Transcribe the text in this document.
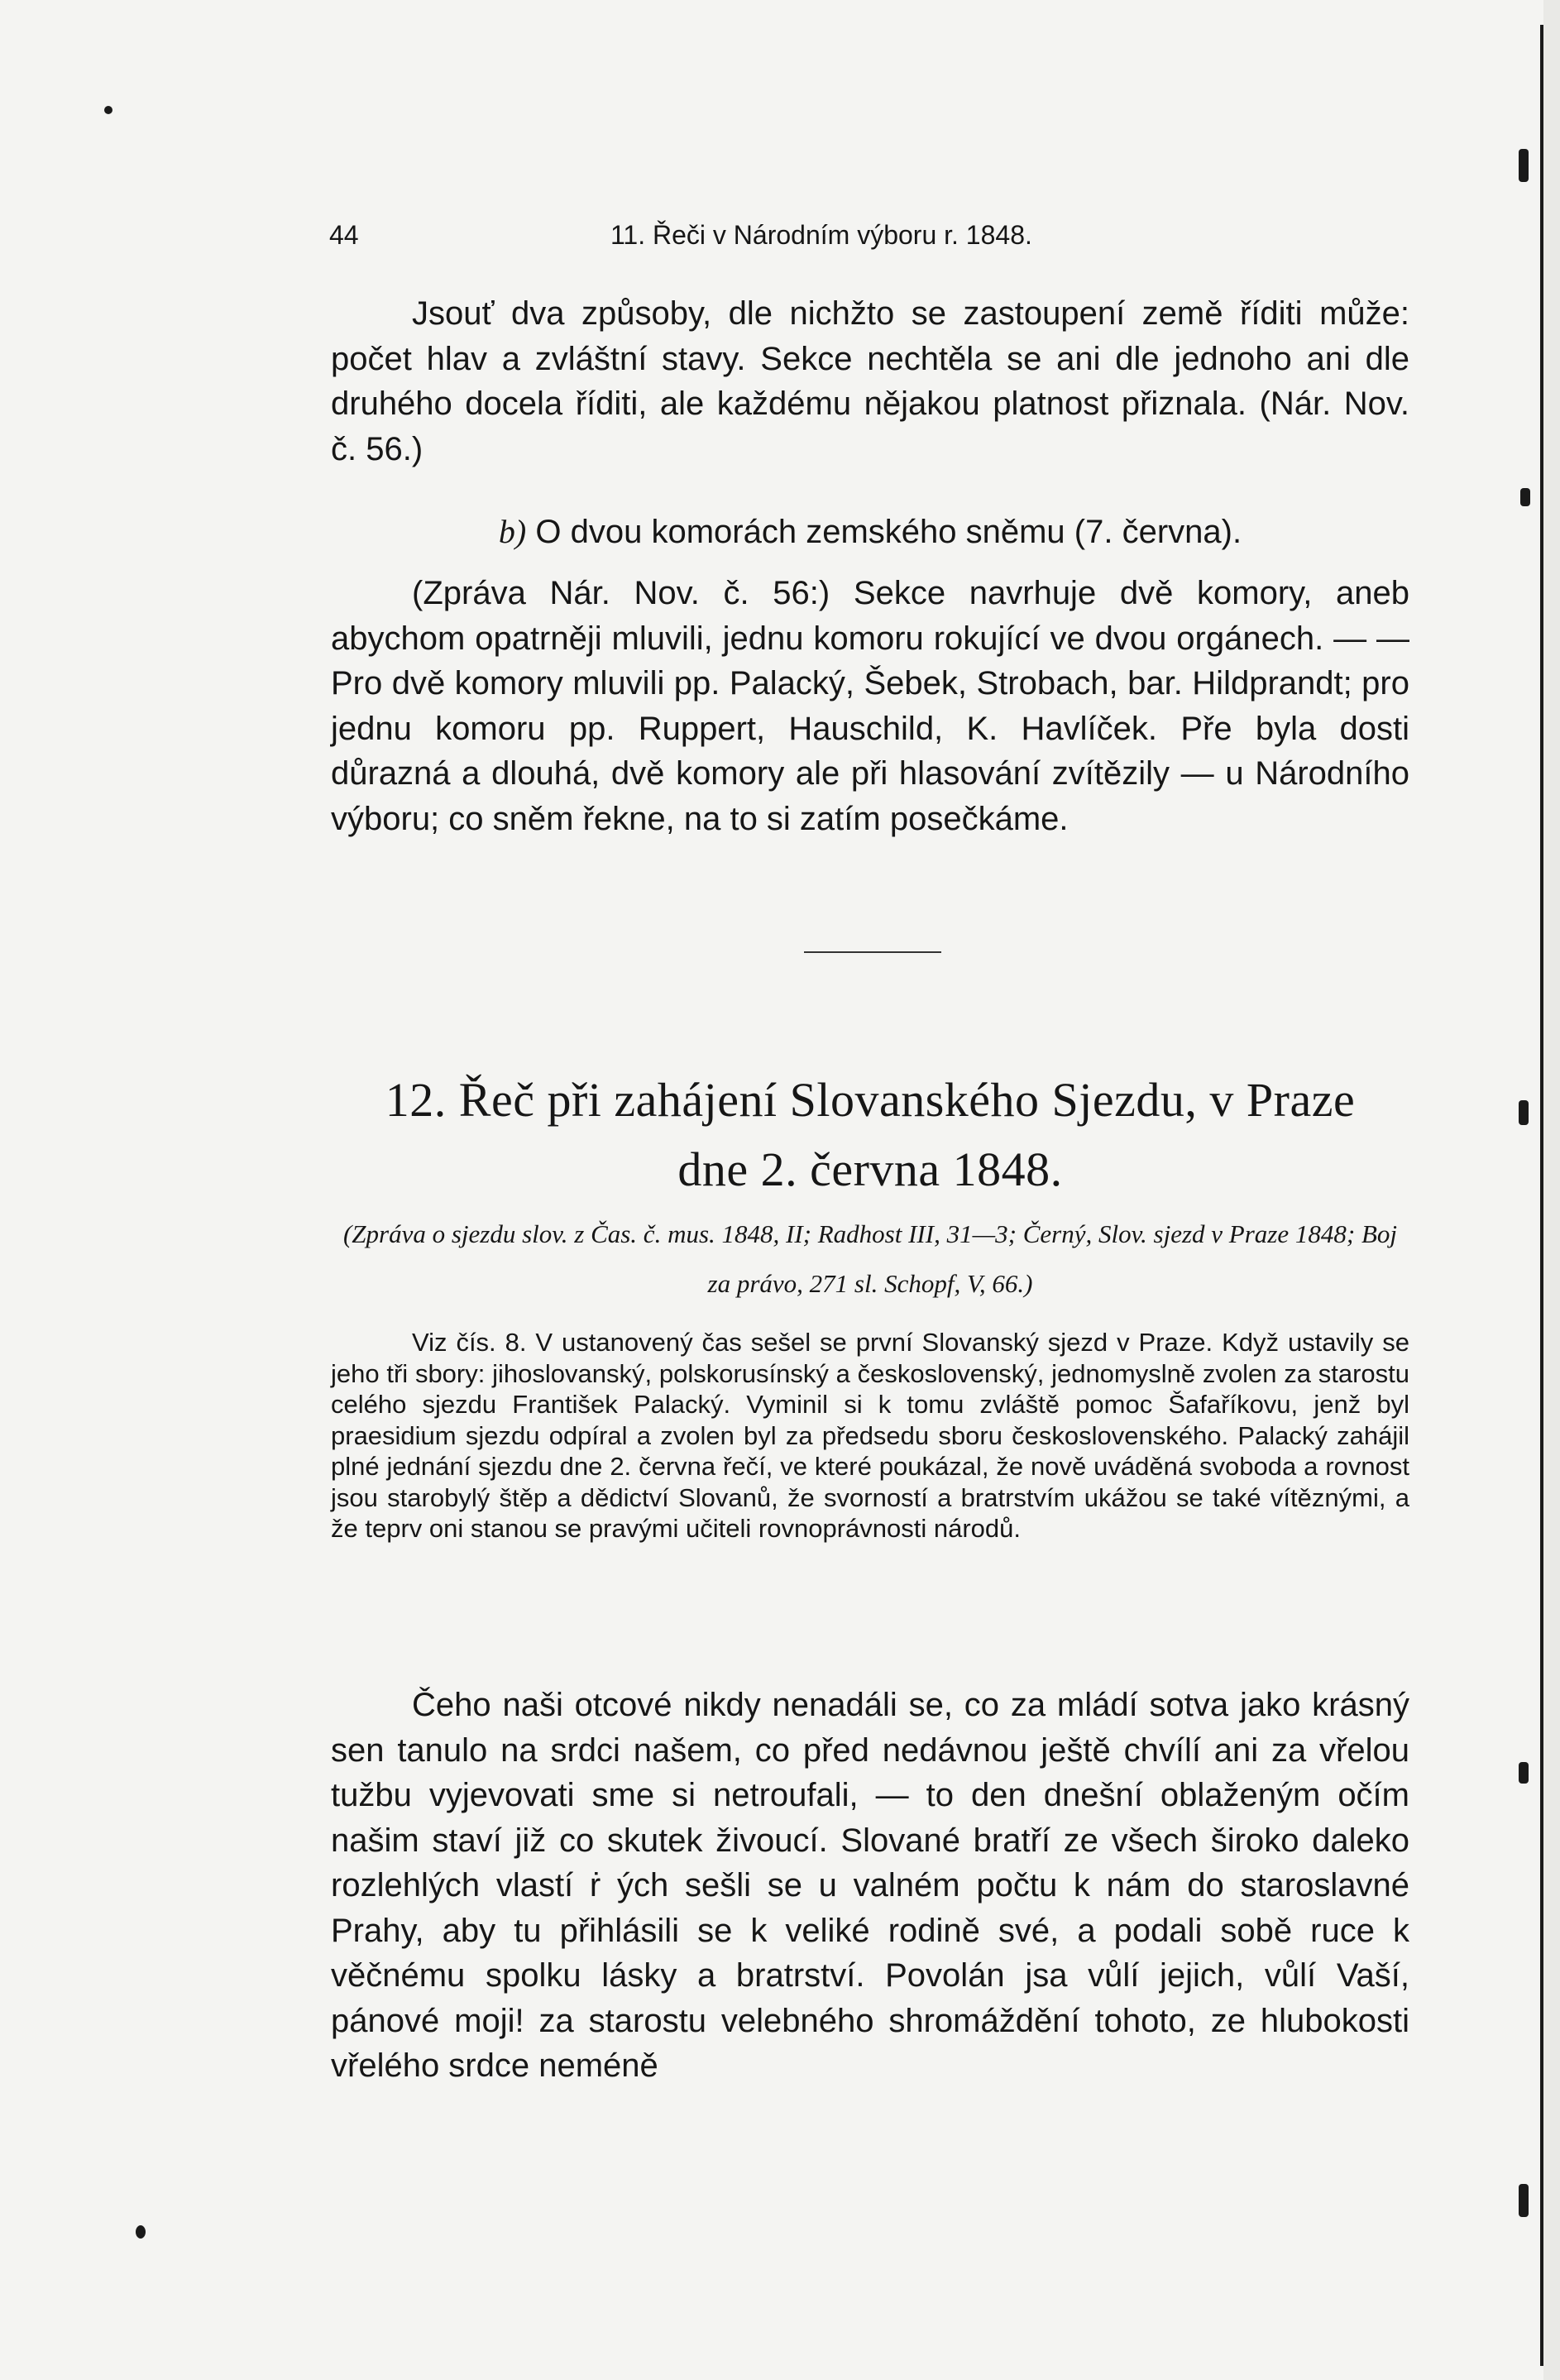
44	11. Řeči v Národním výboru r. 1848.

Jsouť dva způsoby, dle nichžto se zastoupení země říditi může: počet hlav a zvláštní stavy. Sekce nechtěla se ani dle jednoho ani dle druhého docela říditi, ale každému nějakou platnost přiznala. (Nár. Nov. č. 56.)

b) O dvou komorách zemského sněmu (7. června).

(Zpráva Nár. Nov. č. 56:) Sekce navrhuje dvě komory, aneb abychom opatrněji mluvili, jednu komoru rokující ve dvou orgánech. — — Pro dvě komory mluvili pp. Palacký, Šebek, Strobach, bar. Hildprandt; pro jednu komoru pp. Ruppert, Hauschild, K. Havlíček. Pře byla dosti důrazná a dlouhá, dvě komory ale při hlasování zvítězily — u Národního výboru; co sněm řekne, na to si zatím posečkáme.

12. Řeč při zahájení Slovanského Sjezdu, v Praze
dne 2. června 1848.
(Zpráva o sjezdu slov. z Čas. č. mus. 1848, II; Radhost III, 31—3; Černý, Slov. sjezd v Praze 1848; Boj za právo, 271 sl. Schopf, V, 66.)

Viz čís. 8. V ustanovený čas sešel se první Slovanský sjezd v Praze. Když ustavily se jeho tři sbory: jihoslovanský, polskorusínský a československý, jednomyslně zvolen za starostu celého sjezdu František Palacký. Vyminil si k tomu zvláště pomoc Šafaříkovu, jenž byl praesidium sjezdu odpíral a zvolen byl za předsedu sboru československého. Palacký zahájil plné jednání sjezdu dne 2. června řečí, ve které poukázal, že nově uváděná svoboda a rovnost jsou starobylý štěp a dědictví Slovanů, že svorností a bratrstvím ukážou se také vítěznými, a že teprv oni stanou se pravými učiteli rovnoprávnosti národů.

Čeho naši otcové nikdy nenadáli se, co za mládí sotva jako krásný sen tanulo na srdci našem, co před nedávnou ještě chvílí ani za vřelou tužbu vyjevovati sme si netroufali, — to den dnešní oblaženým očím našim staví již co skutek živoucí. Slované bratří ze všech široko daleko rozlehlých vlastí ṙ ých sešli se u valném počtu k nám do staroslavné Prahy, aby tu přihlásili se k veliké rodině své, a podali sobě ruce k věčnému spolku lásky a bratrství. Povolán jsa vůlí jejich, vůlí Vaší, pánové moji! za starostu velebného shromáždění tohoto, ze hlubokosti vřelého srdce neméně
